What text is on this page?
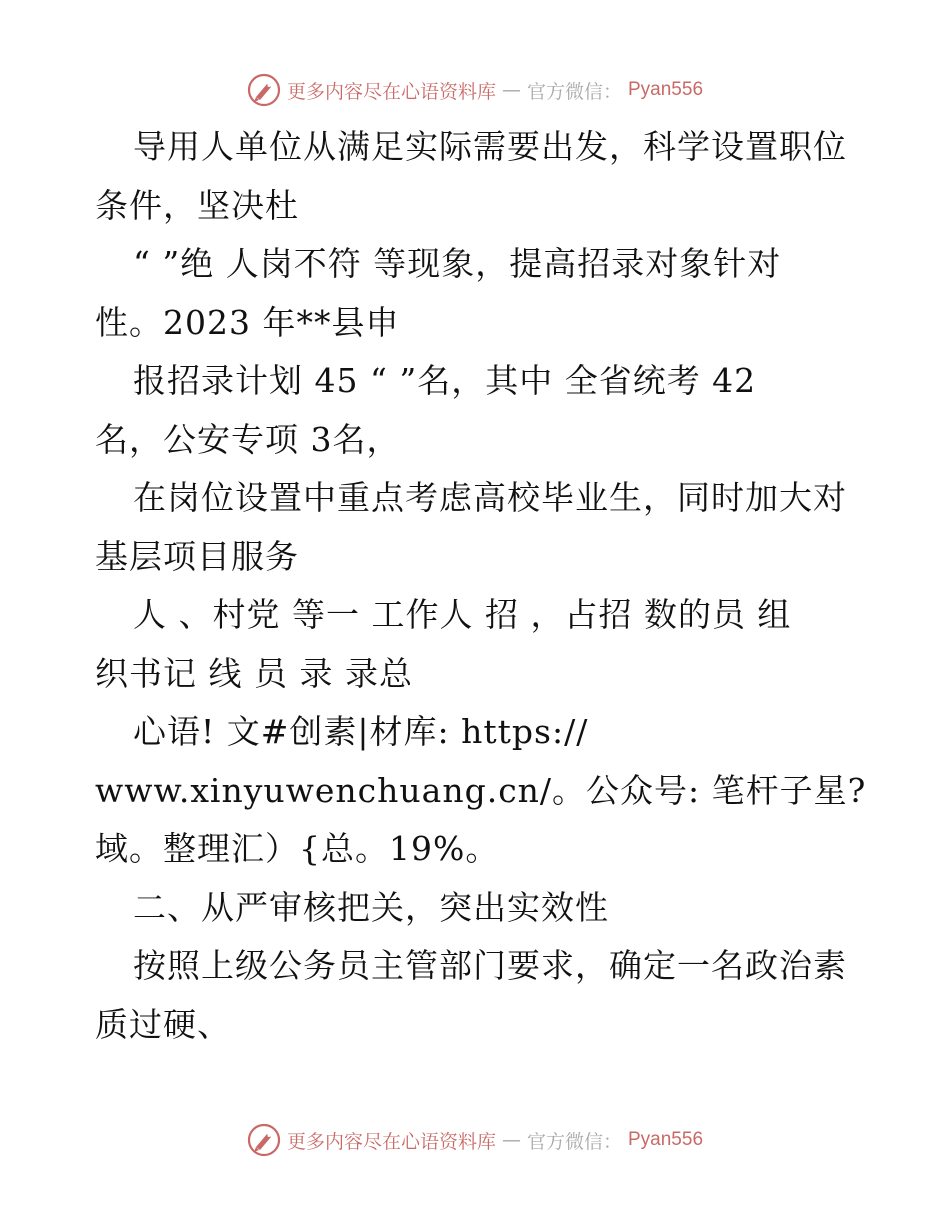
更多内容尽在心语资料库 — 官方微信： Pyan556
导用人单位从满足实际需要出发，科学设置职位
条件，坚决杜
“ ”绝 人岗不符 等现象，提高招录对象针对
性。2023 年**县申
报招录计划 45 “ ”名，其中 全省统考 42
名，公安专项 3名，
在岗位设置中重点考虑高校毕业生，同时加大对
基层项目服务
人 、村党 等一 工作人 招 ，占招 数的员 组
织书记 线 员 录 录总
心语! 文#创素|材库: https://
www.xinyuwenchuang.cn/。公众号: 笔杆子星?
域。整理汇）{总。19%。
二、从严审核把关，突出实效性
按照上级公务员主管部门要求，确定一名政治素
质过硬、
更多内容尽在心语资料库 — 官方微信： Pyan556
